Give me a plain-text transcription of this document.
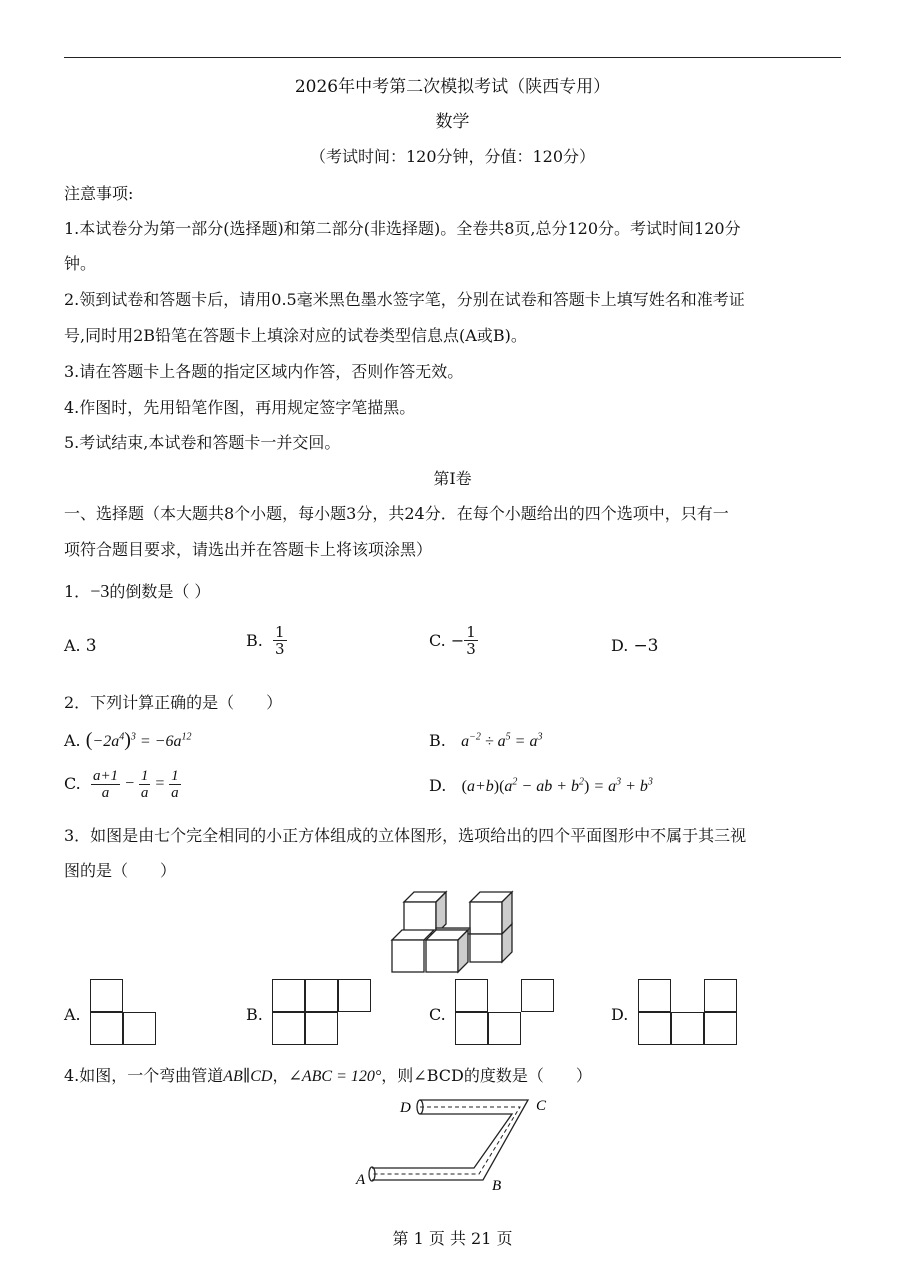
2026年中考第二次模拟考试（陕西专用）
数学
（考试时间：120分钟，分值：120分）
注意事项:
1.本试卷分为第一部分(选择题)和第二部分(非选择题)。全卷共8页,总分120分。考试时间120分
钟。
2.领到试卷和答题卡后，请用0.5毫米黑色墨水签字笔，分别在试卷和答题卡上填写姓名和准考证
号,同时用2B铅笔在答题卡上填涂对应的试卷类型信息点(A或B)。
3.请在答题卡上各题的指定区域内作答，否则作答无效。
4.作图时，先用铅笔作图，再用规定签字笔描黑。
5.考试结束,本试卷和答题卡一并交回。
第I卷
一、选择题（本大题共8个小题，每小题3分，共24分．在每个小题给出的四个选项中，只有一
项符合题目要求，请选出并在答题卡上将该项涂黑）
1．−3的倒数是（ ）
A. 3	B. $\frac{1}{3}$	C. − $\frac{1}{3}$	D. −3
2．下列计算正确的是（　　）
A. $(-2a^4)^3 = -6a^{12}$	B. $a^{-2} \div a^5 = a^3$
C. $\frac{a+1}{a} - \frac{1}{a} = \frac{1}{a}$	D. $(a+b)(a^2$ − ab + $b^2) = a^3 + b^3$
3．如图是由七个完全相同的小正方体组成的立体图形，选项给出的四个平面图形中不属于其三视
图的是（　　）
A.	B.	C.	D.
4.如图，一个弯曲管道AB∥CD，∠ABC = 120°，则∠BCD的度数是（　　）
D	C
A	B
第 1 页 共 21 页
